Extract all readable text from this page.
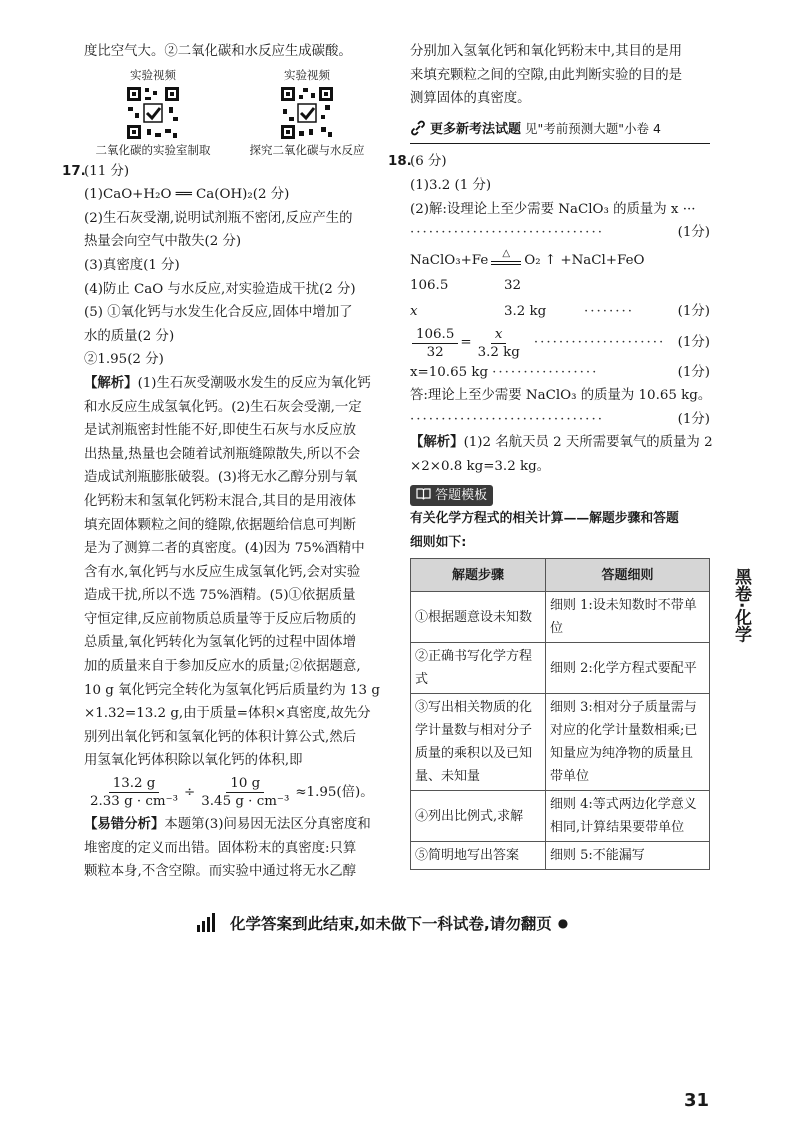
度比空气大。②二氧化碳和水反应生成碳酸。
实验视频
二氧化碳的实验室制取
实验视频
探究二氧化碳与水反应
17.(11 分)
(1)CaO+H₂O ══ Ca(OH)₂(2 分)
(2)生石灰受潮,说明试剂瓶不密闭,反应产生的
热量会向空气中散失(2 分)
(3)真密度(1 分)
(4)防止 CaO 与水反应,对实验造成干扰(2 分)
(5) ①氧化钙与水发生化合反应,固体中增加了
水的质量(2 分)
②1.95(2 分)
【解析】(1)生石灰受潮吸水发生的反应为氧化钙
和水反应生成氢氧化钙。(2)生石灰会受潮,一定
是试剂瓶密封性能不好,即使生石灰与水反应放
出热量,热量也会随着试剂瓶缝隙散失,所以不会
造成试剂瓶膨胀破裂。(3)将无水乙醇分别与氧
化钙粉末和氢氧化钙粉末混合,其目的是用液体
填充固体颗粒之间的缝隙,依据题给信息可判断
是为了测算二者的真密度。(4)因为 75%酒精中
含有水,氧化钙与水反应生成氢氧化钙,会对实验
造成干扰,所以不选 75%酒精。(5)①依据质量
守恒定律,反应前物质总质量等于反应后物质的
总质量,氧化钙转化为氢氧化钙的过程中固体增
加的质量来自于参加反应水的质量;②依据题意,
10 g 氧化钙完全转化为氢氧化钙后质量约为 13 g
×1.32=13.2 g,由于质量=体积×真密度,故先分
别列出氧化钙和氢氧化钙的体积计算公式,然后
用氢氧化钙体积除以氧化钙的体积,即
$\frac{13.2 g}{\text{2.33 g · cm⁻³}} \div \frac{10 g}{\text{3.45 g · cm⁻³}} \approx 1.95$(倍)。
【易错分析】本题第(3)问易因无法区分真密度和
堆密度的定义而出错。固体粉末的真密度:只算
颗粒本身,不含空隙。而实验中通过将无水乙醇
分别加入氢氧化钙和氧化钙粉末中,其目的是用
来填充颗粒之间的空隙,由此判断实验的目的是
测算固体的真密度。
更多新考法试题 见"考前预测大题"小卷 4
18.(6 分)
(1)3.2 (1 分)
(2)解:设理论上至少需要 NaClO₃ 的质量为 x ···
·······························	(1分)
NaClO₃+Fe △ O₂ ↑ +NaCl+FeO
106.5	32
x	3.2 kg	········	(1分)
$\frac{106.5}{32} = \frac{x}{3.2 kg}$ ····················· (1分)
x=10.65 kg ·················	(1分)
答:理论上至少需要 NaClO₃ 的质量为 10.65 kg。
·······························	(1分)
【解析】(1)2 名航天员 2 天所需要氧气的质量为 2
×2×0.8 kg=3.2 kg。
答题模板
有关化学方程式的相关计算——解题步骤和答题
细则如下:
解题步骤	答题细则
①根据题意设未知数	细则 1:设未知数时不带单位
②正确书写化学方程式	细则 2:化学方程式要配平
③写出相关物质的化学计量数与相对分子质量的乘积以及已知量、未知量	细则 3:相对分子质量需与对应的化学计量数相乘;已知量应为纯净物的质量且带单位
④列出比例式,求解	细则 4:等式两边化学意义相同,计算结果要带单位
⑤简明地写出答案	细则 5:不能漏写
黑卷·化学
化学答案到此结束,如未做下一科试卷,请勿翻页 ●
31
